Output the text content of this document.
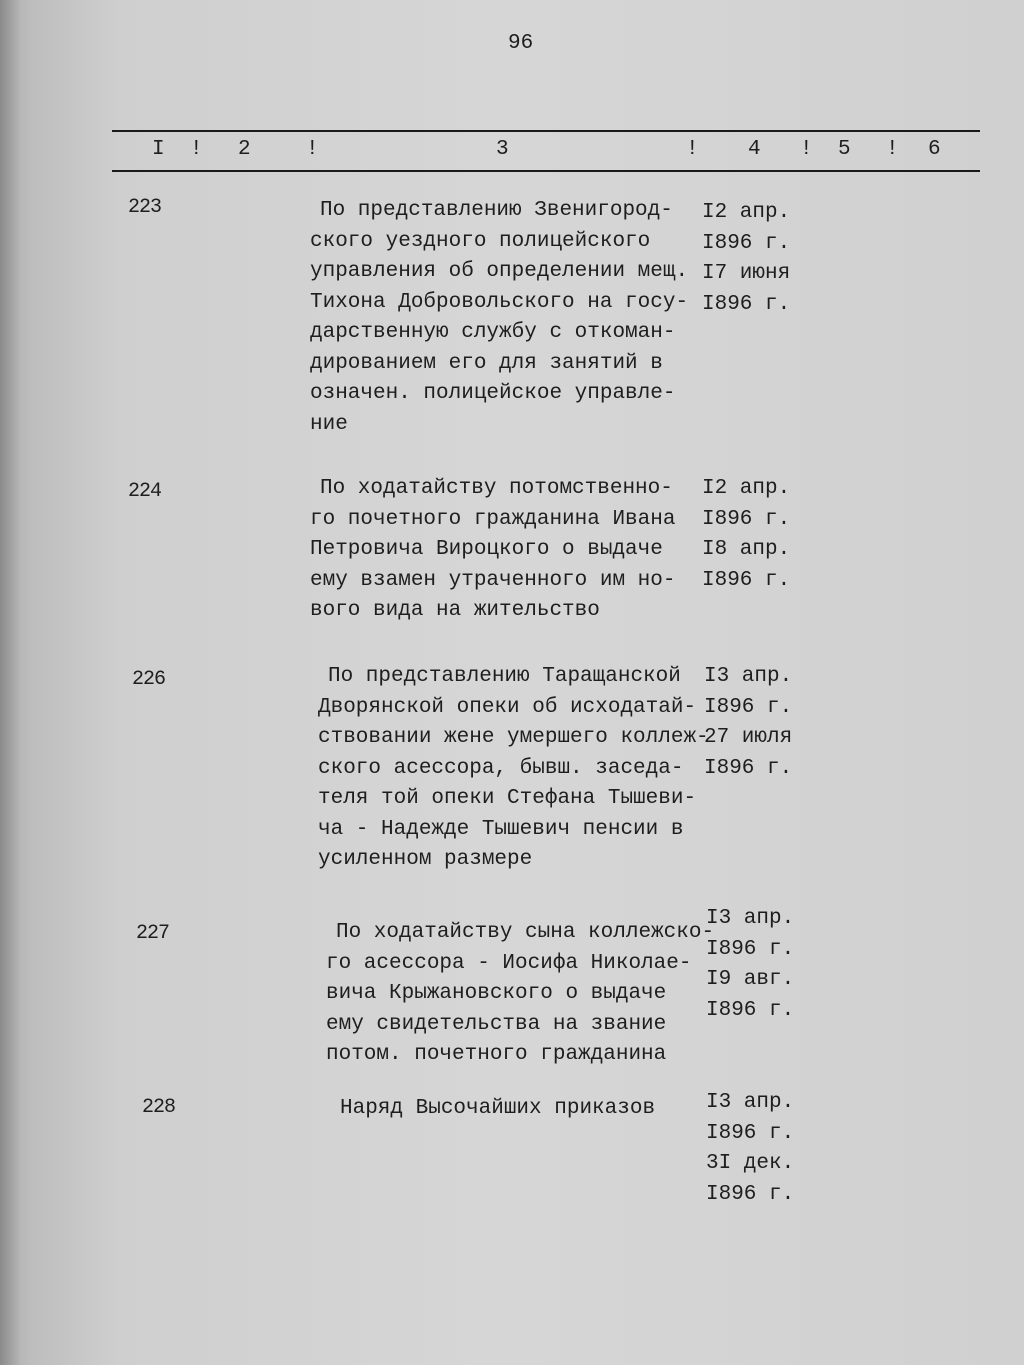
96
I ! 2	!	3	! 4 ! 5 ! 6
223	По представлению Звенигород-
ского уездного полицейского
управления об определении мещ.
Тихона Добровольского на госу-
дарственную службу с откоман-
дированием его для занятий в
означен. полицейское управле-
ние
I2 апр.
I896 г.
I7 июня
I896 г.
224	По ходатайству потомственно-
го почетного гражданина Ивана
Петровича Вироцкого о выдаче
ему взамен утраченного им но-
вого вида на жительство
I2 апр.
I896 г.
I8 апр.
I896 г.
226	По представлению Таращанской
Дворянской опеки об исходатай-
ствовании жене умершего коллеж-
ского асессора, бывш. заседа-
теля той опеки Стефана Тышеви-
ча - Надежде Тышевич пенсии в
усиленном размере
I3 апр.
I896 г.
27 июля
I896 г.
227	По ходатайству сына коллежско-
го асессора - Иосифа Николае-
вича Крыжановского о выдаче
ему свидетельства на звание
потом. почетного гражданина
I3 апр.
I896 г.
I9 авг.
I896 г.
228	Наряд Высочайших приказов I3 апр.
I896 г.
3I дек.
I896 г.
